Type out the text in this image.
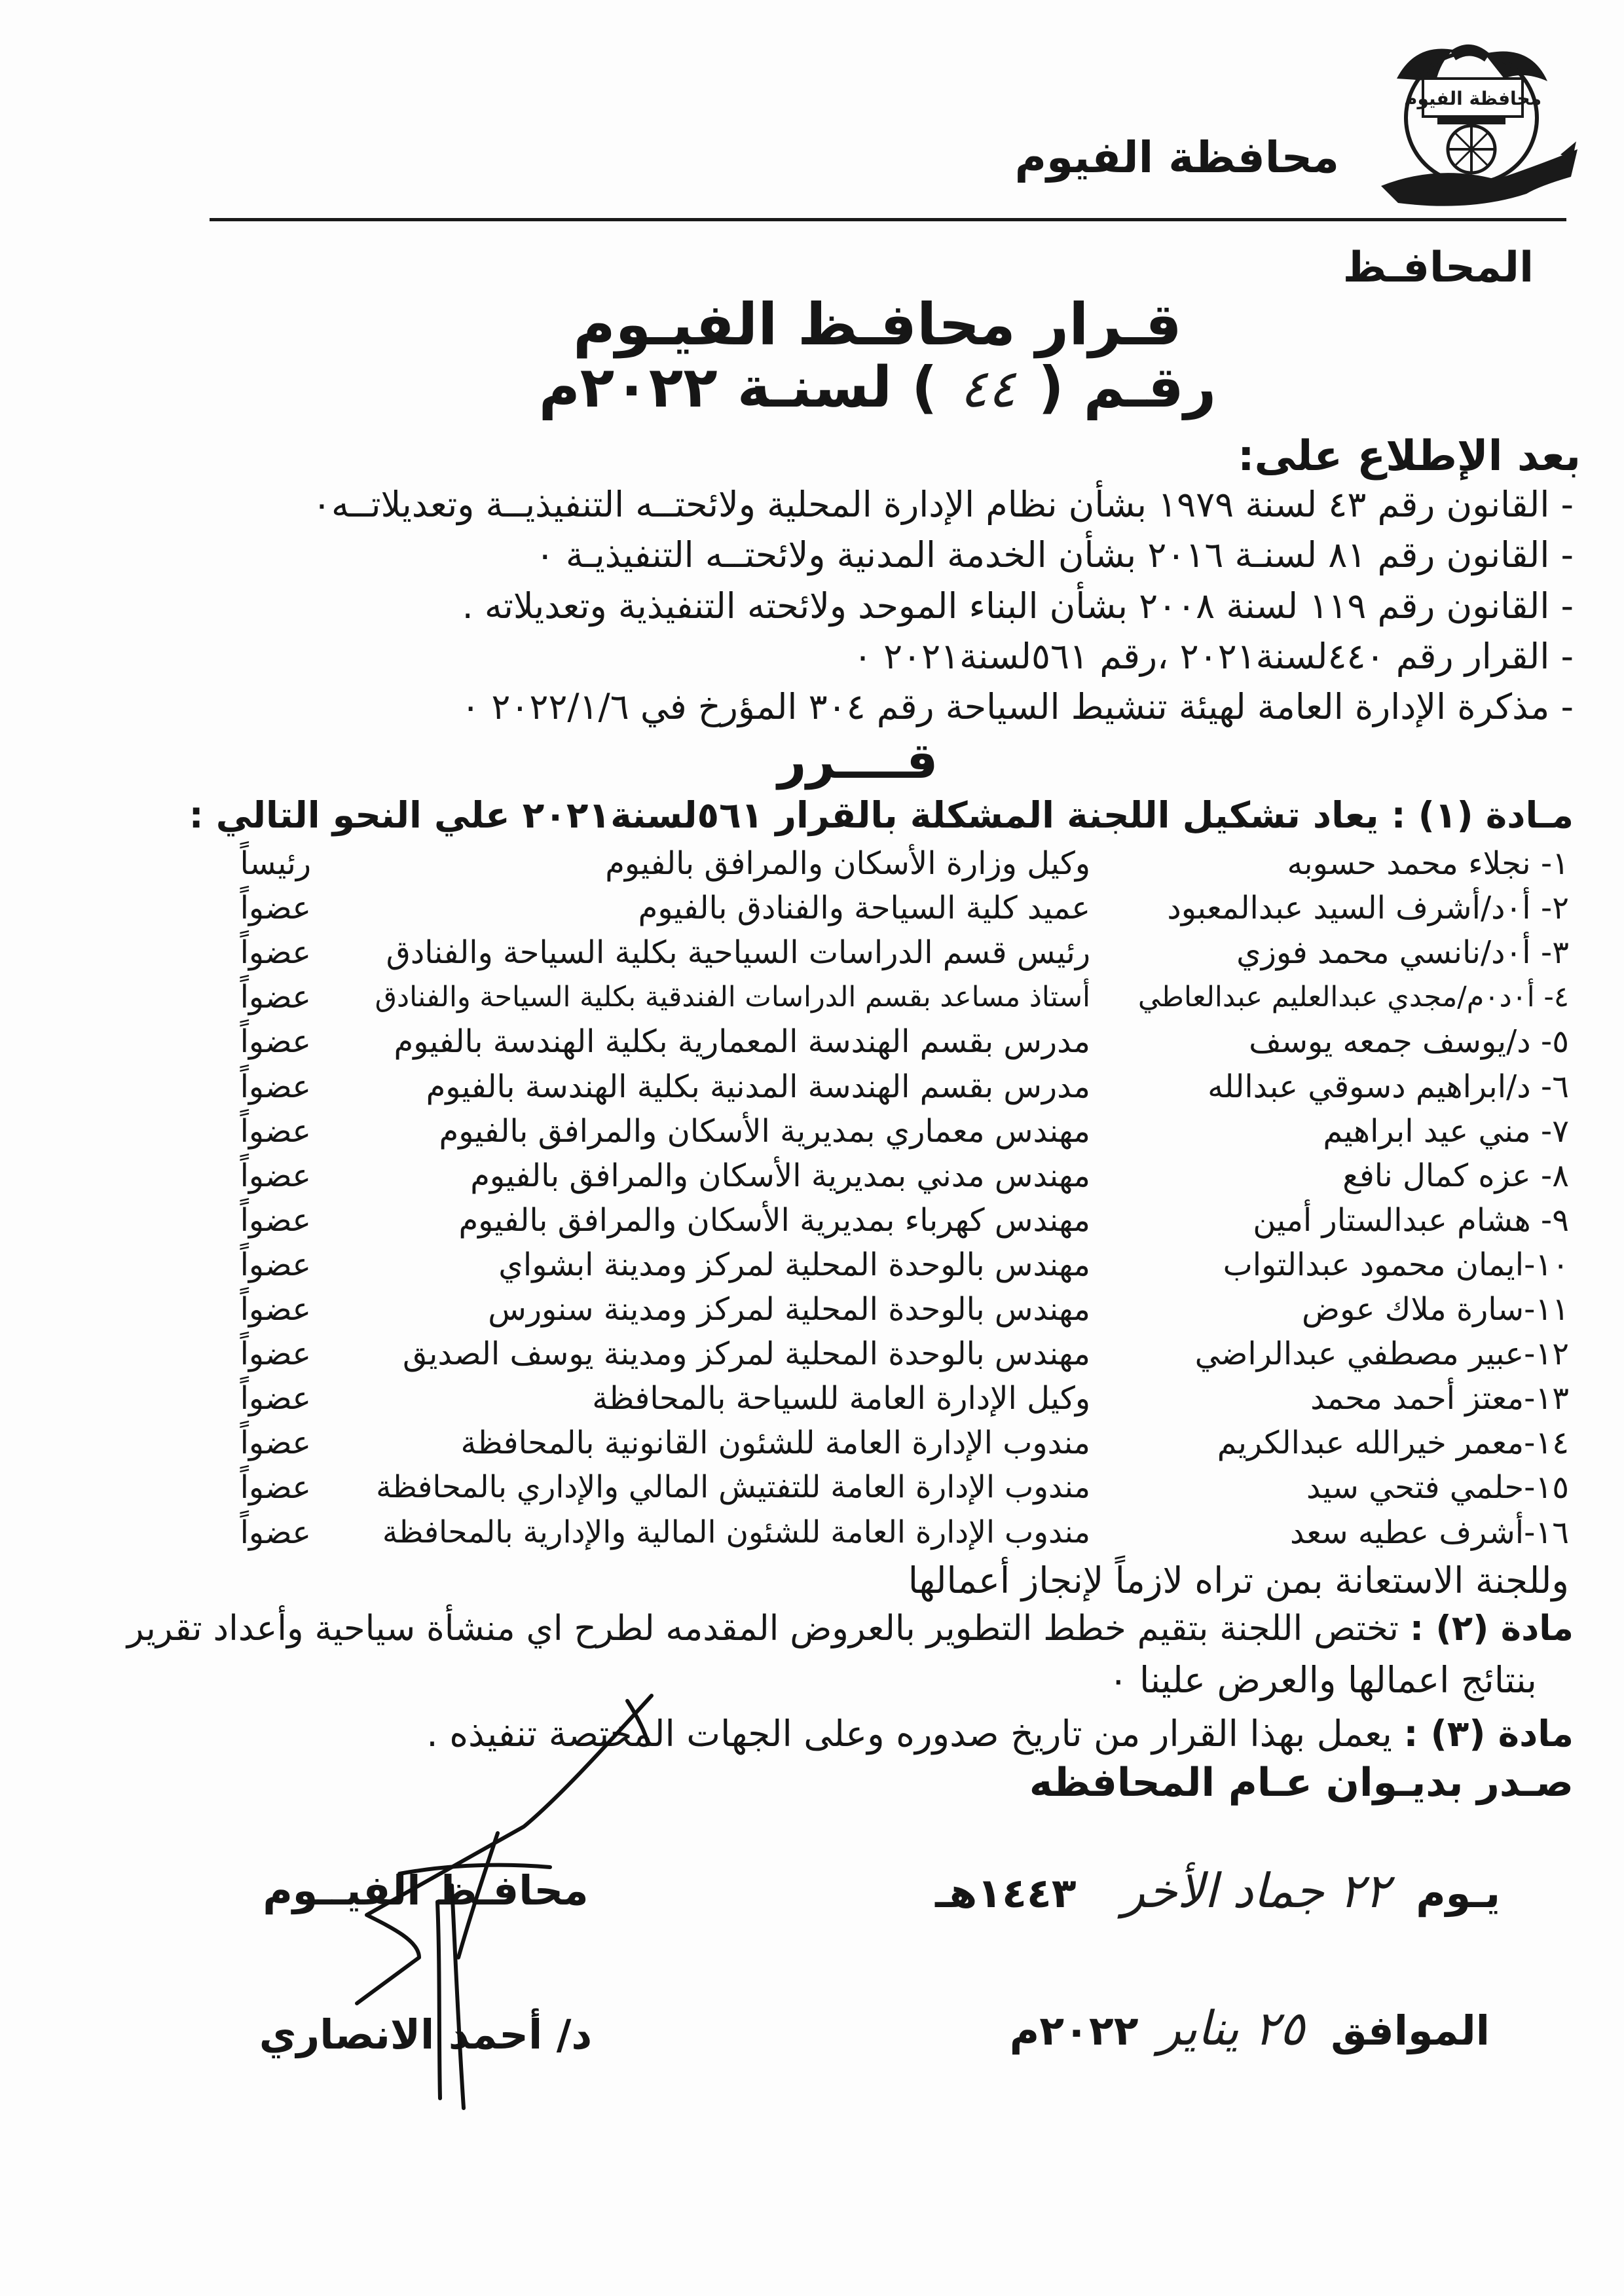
محافظة الفيوم
محافظة الفيوم
المحافـظ
قـرار محافـظ الفيـوم
رقـم (٤٤) لسنـة ٢٠٢٢م
بعد الإطلاع على:
- القانون رقم ٤٣ لسنة ١٩٧٩ بشأن نظام الإدارة المحلية ولائحتــه التنفيذيــة وتعديلاتــه٠
- القانون رقم ٨١ لسنـة ٢٠١٦ بشأن الخدمة المدنية ولائحتــه التنفيذيـة ٠
- القانون رقم ١١٩ لسنة ٢٠٠٨ بشأن البناء الموحد ولائحته التنفيذية وتعديلاته .
- القرار رقم ٤٤٠لسنة٢٠٢١ ،رقم ٥٦١لسنة٢٠٢١ ٠
- مذكرة الإدارة العامة لهيئة تنشيط السياحة رقم ٣٠٤ المؤرخ في ٢٠٢٢/١/٦ ٠
قــــرر
مـادة (١) : يعاد تشكيل اللجنة المشكلة بالقرار ٥٦١لسنة٢٠٢١ علي النحو التالي :
١- نجلاء محمد حسوبه
وكيل وزارة الأسكان والمرافق بالفيوم
رئيساً
٢- أ٠د/أشرف السيد عبدالمعبود
عميد كلية السياحة والفنادق بالفيوم
عضواً
٣- أ٠د/نانسي محمد فوزي
رئيس قسم الدراسات السياحية بكلية السياحة والفنادق
عضواً
٤- أ٠د٠م/مجدي عبدالعليم عبدالعاطي
أستاذ مساعد بقسم الدراسات الفندقية بكلية السياحة والفنادق
عضواً
٥- د/يوسف جمعه يوسف
مدرس بقسم الهندسة المعمارية بكلية الهندسة بالفيوم
عضواً
٦- د/ابراهيم دسوقي عبدالله
مدرس بقسم الهندسة المدنية بكلية الهندسة بالفيوم
عضواً
٧- مني عيد ابراهيم
مهندس معماري بمديرية الأسكان والمرافق بالفيوم
عضواً
٨- عزه كمال نافع
مهندس مدني بمديرية الأسكان والمرافق بالفيوم
عضواً
٩- هشام عبدالستار أمين
مهندس كهرباء بمديرية الأسكان والمرافق بالفيوم
عضواً
١٠-ايمان محمود عبدالتواب
مهندس بالوحدة المحلية لمركز ومدينة ابشواي
عضواً
١١-سارة ملاك عوض
مهندس بالوحدة المحلية لمركز ومدينة سنورس
عضواً
١٢-عبير مصطفي عبدالراضي
مهندس بالوحدة المحلية لمركز ومدينة يوسف الصديق
عضواً
١٣-معتز أحمد محمد
وكيل الإدارة العامة للسياحة بالمحافظة
عضواً
١٤-معمر خيرالله عبدالكريم
مندوب الإدارة العامة للشئون القانونية بالمحافظة
عضواً
١٥-حلمي فتحي سيد
مندوب الإدارة العامة للتفتيش المالي والإداري بالمحافظة
عضواً
١٦-أشرف عطيه سعد
مندوب الإدارة العامة للشئون المالية والإدارية بالمحافظة
عضواً
وللجنة الاستعانة بمن تراه لازماً لإنجاز أعمالها
مادة (٢) : تختص اللجنة بتقيم خطط التطوير بالعروض المقدمه لطرح اي منشأة سياحية وأعداد تقرير
بنتائج اعمالها والعرض علينا ٠
مادة (٣) : يعمل بهذا القرار من تاريخ صدوره وعلى الجهات المختصة تنفيذه .
صـدر بديـوان عـام المحافظه
يـوم٢٢ جماد الأخر١٤٤٣هـ
الموافق٢٥ يناير٢٠٢٢م
محافـظ الفيــوم
د/ أحمد الانصاري
